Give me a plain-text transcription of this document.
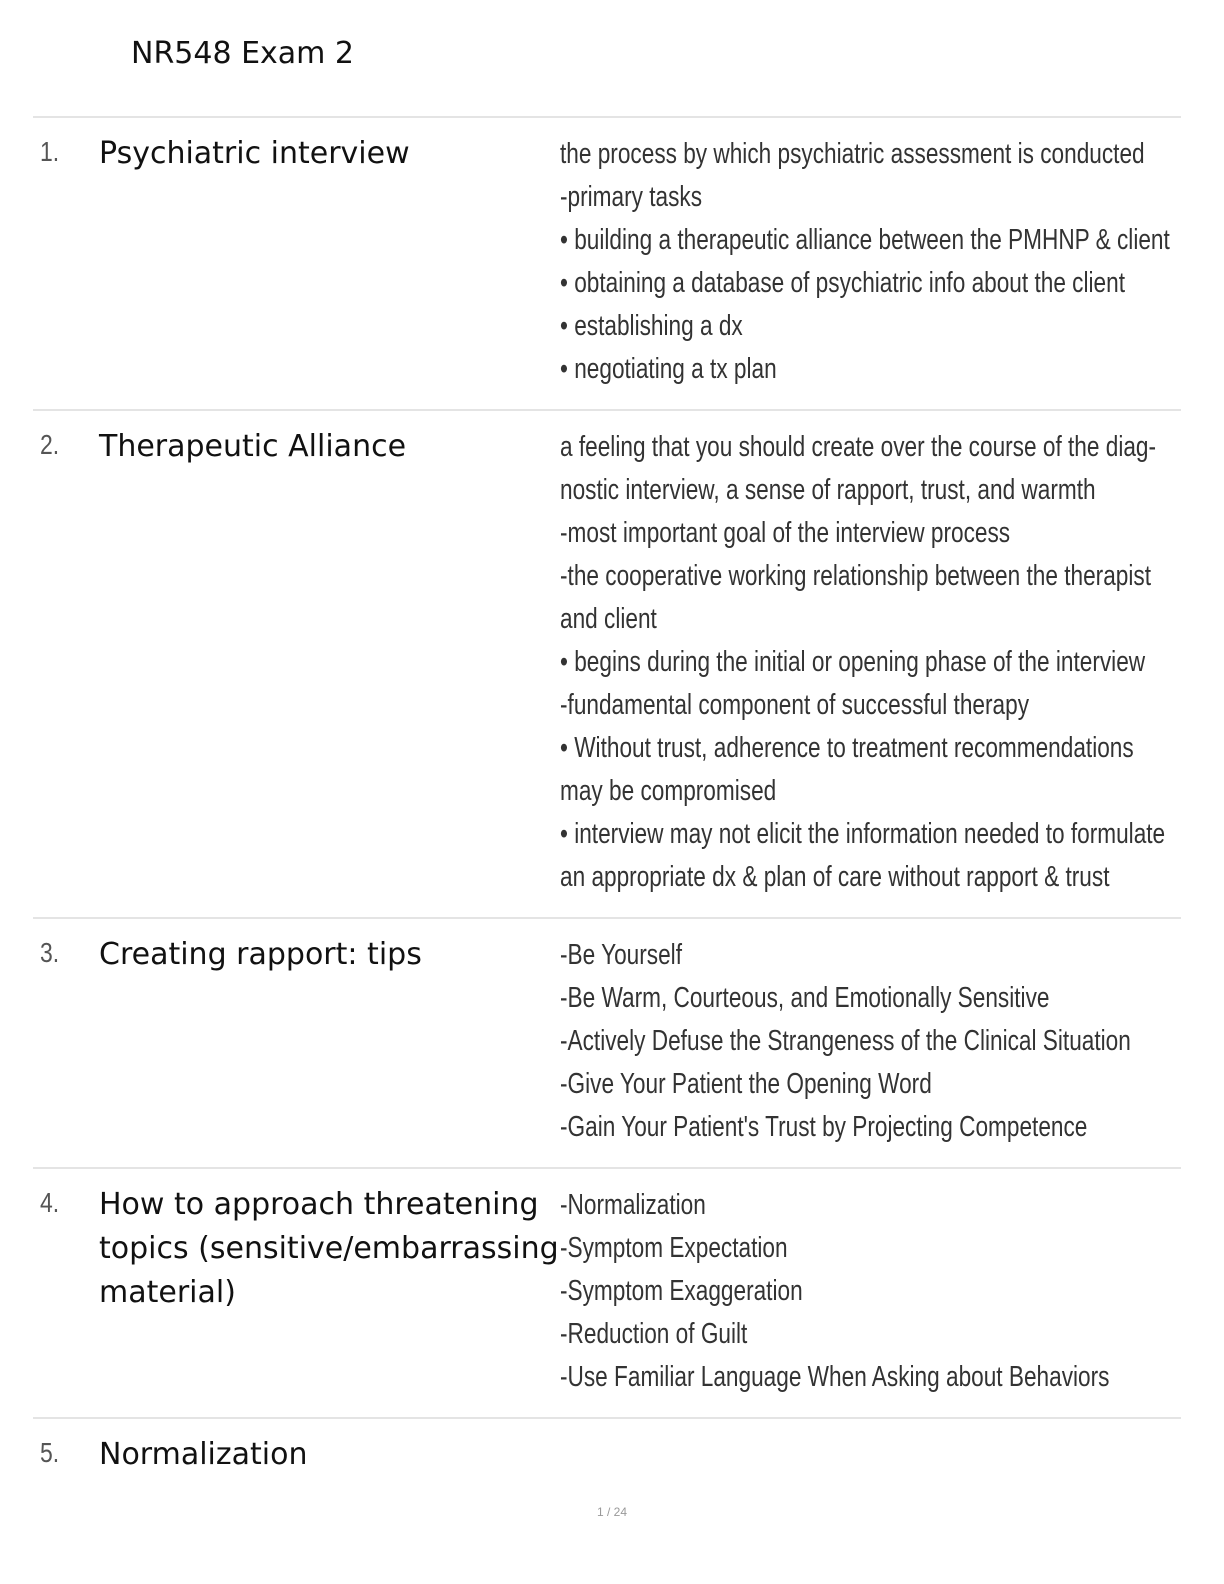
NR548 Exam 2
1. Psychiatric interview	the process by which psychiatric assessment is conducted
-primary tasks
• building a therapeutic alliance between the PMHNP & client
• obtaining a database of psychiatric info about the client
• establishing a dx
• negotiating a tx plan
2. Therapeutic Alliance	a feeling that you should create over the course of the diag-
nostic interview, a sense of rapport, trust, and warmth
-most important goal of the interview process
-the cooperative working relationship between the therapist
and client
• begins during the initial or opening phase of the interview
-fundamental component of successful therapy
• Without trust, adherence to treatment recommendations
may be compromised
• interview may not elicit the information needed to formulate
an appropriate dx & plan of care without rapport & trust
3. Creating rapport: tips	-Be Yourself
-Be Warm, Courteous, and Emotionally Sensitive
-Actively Defuse the Strangeness of the Clinical Situation
-Give Your Patient the Opening Word
-Gain Your Patient's Trust by Projecting Competence
4. How to approach threatening topics (sensitive/embarrassing material)
-Normalization
-Symptom Expectation
-Symptom Exaggeration
-Reduction of Guilt
-Use Familiar Language When Asking about Behaviors
5. Normalization
1 / 24
